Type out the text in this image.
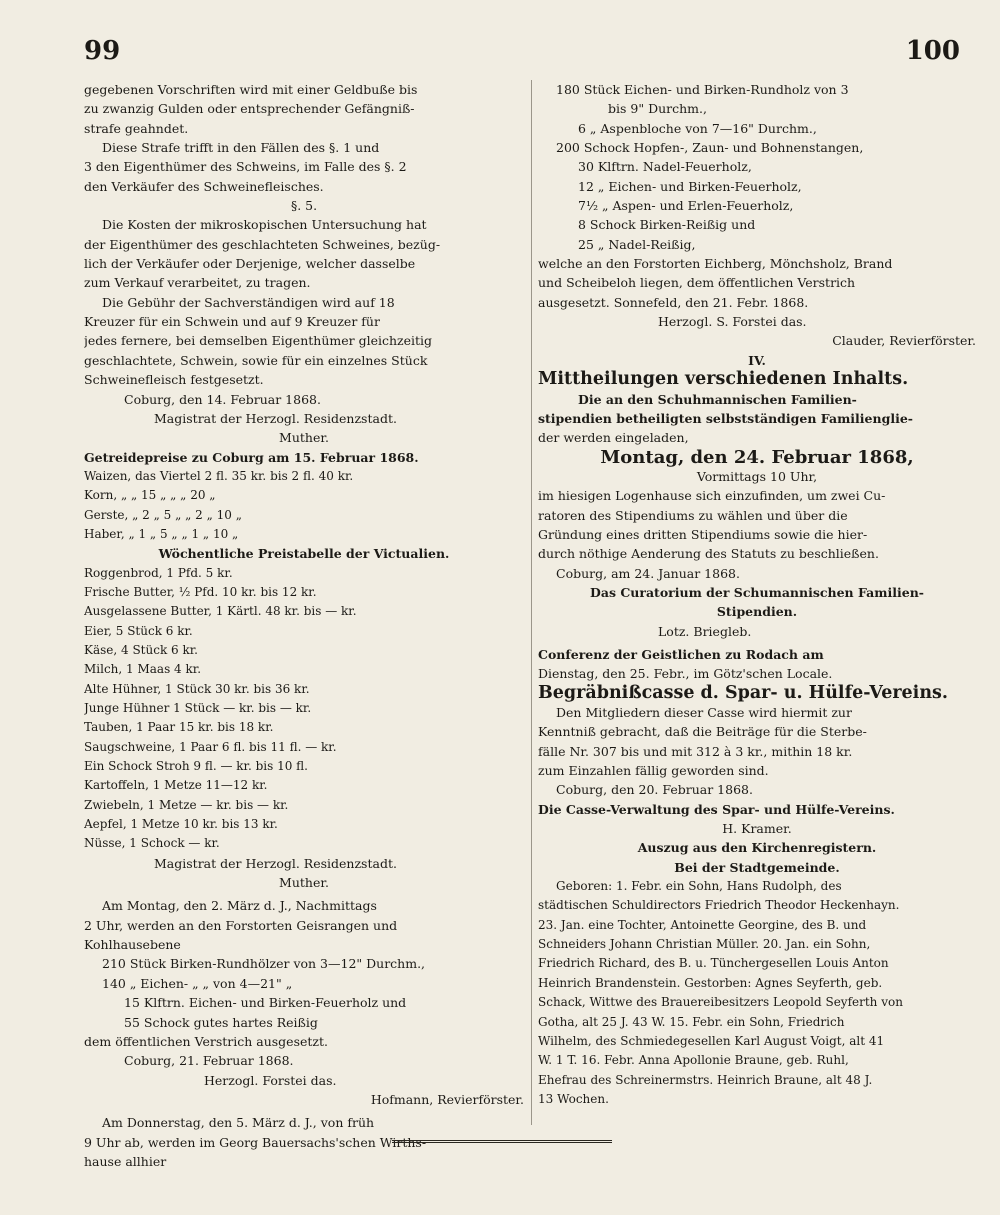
99	100
gegebenen Vorschriften wird mit einer Geldbuße bis
zu zwanzig Gulden oder entsprechender Gefängniß-
strafe geahndet.
Diese Strafe trifft in den Fällen des §. 1 und
3 den Eigenthümer des Schweins, im Falle des §. 2
den Verkäufer des Schweinefleisches.
§. 5.
Die Kosten der mikroskopischen Untersuchung hat
der Eigenthümer des geschlachteten Schweines, bezüg-
lich der Verkäufer oder Derjenige, welcher dasselbe
zum Verkauf verarbeitet, zu tragen.
Die Gebühr der Sachverständigen wird auf 18
Kreuzer für ein Schwein und auf 9 Kreuzer für
jedes fernere, bei demselben Eigenthümer gleichzeitig
geschlachtete, Schwein, sowie für ein einzelnes Stück
Schweinefleisch festgesetzt.
Coburg, den 14. Februar 1868.
Magistrat der Herzogl. Residenzstadt.
Muther.
Getreidepreise zu Coburg am 15. Februar 1868.
Waizen, das Viertel 2 fl. 35 kr. bis 2 fl. 40 kr.
Korn, „ „ 15 „ „ „ 20 „
Gerste, „ 2 „ 5 „ „ 2 „ 10 „
Haber, „ 1 „ 5 „ „ 1 „ 10 „
Wöchentliche Preistabelle der Victualien.
Roggenbrod, 1 Pfd. 5 kr.
Frische Butter, ½ Pfd. 10 kr. bis 12 kr.
Ausgelassene Butter, 1 Kärtl. 48 kr. bis — kr.
Eier, 5 Stück 6 kr.
Käse, 4 Stück 6 kr.
Milch, 1 Maas 4 kr.
Alte Hühner, 1 Stück 30 kr. bis 36 kr.
Junge Hühner 1 Stück — kr. bis — kr.
Tauben, 1 Paar 15 kr. bis 18 kr.
Saugschweine, 1 Paar 6 fl. bis 11 fl. — kr.
Ein Schock Stroh 9 fl. — kr. bis 10 fl.
Kartoffeln, 1 Metze 11—12 kr.
Zwiebeln, 1 Metze — kr. bis — kr.
Aepfel, 1 Metze 10 kr. bis 13 kr.
Nüsse, 1 Schock — kr.
Magistrat der Herzogl. Residenzstadt.
Muther.
Am Montag, den 2. März d. J., Nachmittags
2 Uhr, werden an den Forstorten Geisrangen und
Kohlhausebene
210 Stück Birken-Rundhölzer von 3—12" Durchm.,
140 „ Eichen- „ „ von 4—21" „
15 Klftrn. Eichen- und Birken-Feuerholz und
55 Schock gutes hartes Reißig
dem öffentlichen Verstrich ausgesetzt.
Coburg, 21. Februar 1868.
Herzogl. Forstei das.
Hofmann, Revierförster.
Am Donnerstag, den 5. März d. J., von früh
9 Uhr ab, werden im Georg Bauersachs'schen Wirths-
hause allhier
180 Stück Eichen- und Birken-Rundholz von 3
bis 9" Durchm.,
6 „ Aspenbloche von 7—16" Durchm.,
200 Schock Hopfen-, Zaun- und Bohnenstangen,
30 Klftrn. Nadel-Feuerholz,
12 „ Eichen- und Birken-Feuerholz,
7½ „ Aspen- und Erlen-Feuerholz,
8 Schock Birken-Reißig und
25 „ Nadel-Reißig,
welche an den Forstorten Eichberg, Mönchsholz, Brand
und Scheibeloh liegen, dem öffentlichen Verstrich
ausgesetzt. Sonnefeld, den 21. Febr. 1868.
Herzogl. S. Forstei das.
Clauder, Revierförster.
IV.
Mittheilungen verschiedenen Inhalts.
Die an den Schuhmannischen Familien-
stipendien betheiligten selbstständigen Familienglie-
der werden eingeladen,
Montag, den 24. Februar 1868,
Vormittags 10 Uhr,
im hiesigen Logenhause sich einzufinden, um zwei Cu-
ratoren des Stipendiums zu wählen und über die
Gründung eines dritten Stipendiums sowie die hier-
durch nöthige Aenderung des Statuts zu beschließen.
Coburg, am 24. Januar 1868.
Das Curatorium der Schumannischen Familien-
Stipendien.
Lotz. Briegleb.
Conferenz der Geistlichen zu Rodach am
Dienstag, den 25. Febr., im Götz'schen Locale.
Begräbnißcasse d. Spar- u. Hülfe-Vereins.
Den Mitgliedern dieser Casse wird hiermit zur
Kenntniß gebracht, daß die Beiträge für die Sterbe-
fälle Nr. 307 bis und mit 312 à 3 kr., mithin 18 kr.
zum Einzahlen fällig geworden sind.
Coburg, den 20. Februar 1868.
Die Casse-Verwaltung des Spar- und Hülfe-Vereins.
H. Kramer.
Auszug aus den Kirchenregistern.
Bei der Stadtgemeinde.
Geboren: 1. Febr. ein Sohn, Hans Rudolph, des
städtischen Schuldirectors Friedrich Theodor Heckenhayn.
23. Jan. eine Tochter, Antoinette Georgine, des B. und
Schneiders Johann Christian Müller. 20. Jan. ein Sohn,
Friedrich Richard, des B. u. Tünchergesellen Louis Anton
Heinrich Brandenstein. Gestorben: Agnes Seyferth, geb.
Schack, Wittwe des Brauereibesitzers Leopold Seyferth von
Gotha, alt 25 J. 43 W. 15. Febr. ein Sohn, Friedrich
Wilhelm, des Schmiedegesellen Karl August Voigt, alt 41
W. 1 T. 16. Febr. Anna Apollonie Braune, geb. Ruhl,
Ehefrau des Schreinermstrs. Heinrich Braune, alt 48 J.
13 Wochen.
